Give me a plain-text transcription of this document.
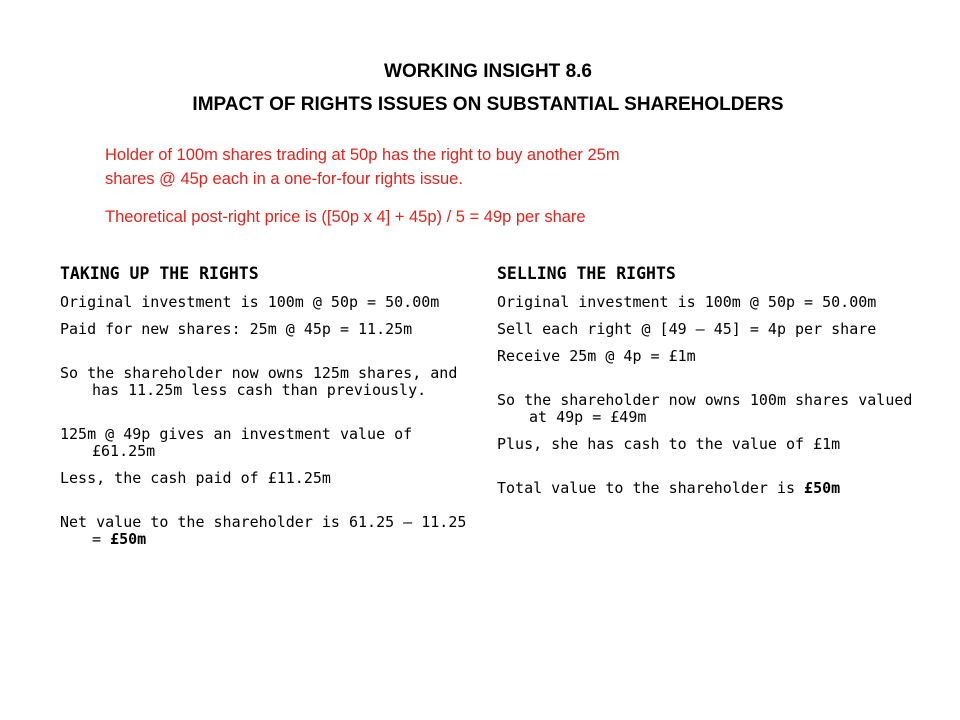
WORKING INSIGHT 8.6

IMPACT OF RIGHTS ISSUES ON SUBSTANTIAL SHAREHOLDERS

Holder of 100m shares trading at 50p has the right to buy another 25m

shares @ 45p each in a one-for-four rights issue.

Theoretical post-right price is ([50p x 4] + 45p) / 5 = 49p per share

TAKING UP THE RIGHTS

Original investment is 100m @ 50p = 50.00m

Paid for new shares: 25m @ 45p = 11.25m

So the shareholder now owns 125m shares, and has 11.25m less cash than previously.

125m @ 49p gives an investment value of £61.25m

Less, the cash paid of £11.25m

Net value to the shareholder is 61.25 – 11.25 = £50m

SELLING THE RIGHTS

Original investment is 100m @ 50p = 50.00m

Sell each right @ [49 – 45] = 4p per share

Receive 25m @ 4p = £1m

So the shareholder now owns 100m shares valued at 49p = £49m

Plus, she has cash to the value of £1m

Total value to the shareholder is £50m
